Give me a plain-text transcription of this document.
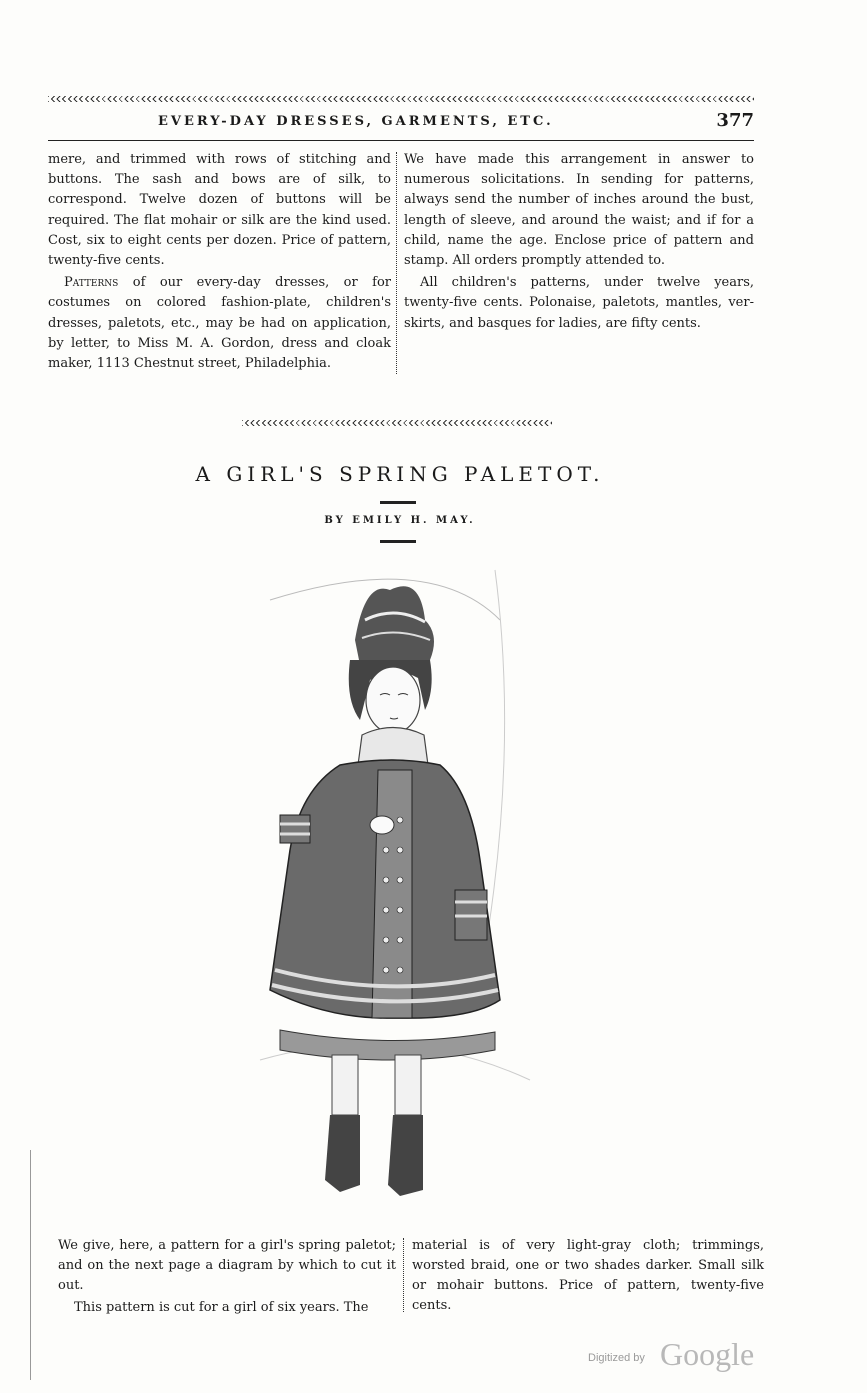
EVERY-DAY DRESSES, GARMENTS, ETC.	377

mere, and trimmed with rows of stitching and buttons. The sash and bows are of silk, to correspond. Twelve dozen of buttons will be required. The flat mohair or silk are the kind used. Cost, six to eight cents per dozen. Price of pattern, twenty-five cents.

Patterns of our every-day dresses, or for costumes on colored fashion-plate, children's dresses, paletots, etc., may be had on application, by letter, to Miss M. A. Gordon, dress and cloak maker, 1113 Chestnut street, Philadelphia.

We have made this arrangement in answer to numerous solicitations. In sending for patterns, always send the number of inches around the bust, length of sleeve, and around the waist; and if for a child, name the age. Enclose price of pattern and stamp. All orders promptly attended to.

All children's patterns, under twelve years, twenty-five cents. Polonaise, paletots, mantles, ver-skirts, and basques for ladies, are fifty cents.

A GIRL'S SPRING PALETOT.
BY EMILY H. MAY.

We give, here, a pattern for a girl's spring paletot; and on the next page a diagram by which to cut it out.

This pattern is cut for a girl of six years. The

material is of very light-gray cloth; trimmings, worsted braid, one or two shades darker. Small silk or mohair buttons. Price of pattern, twenty-five cents.

Digitized by Google
